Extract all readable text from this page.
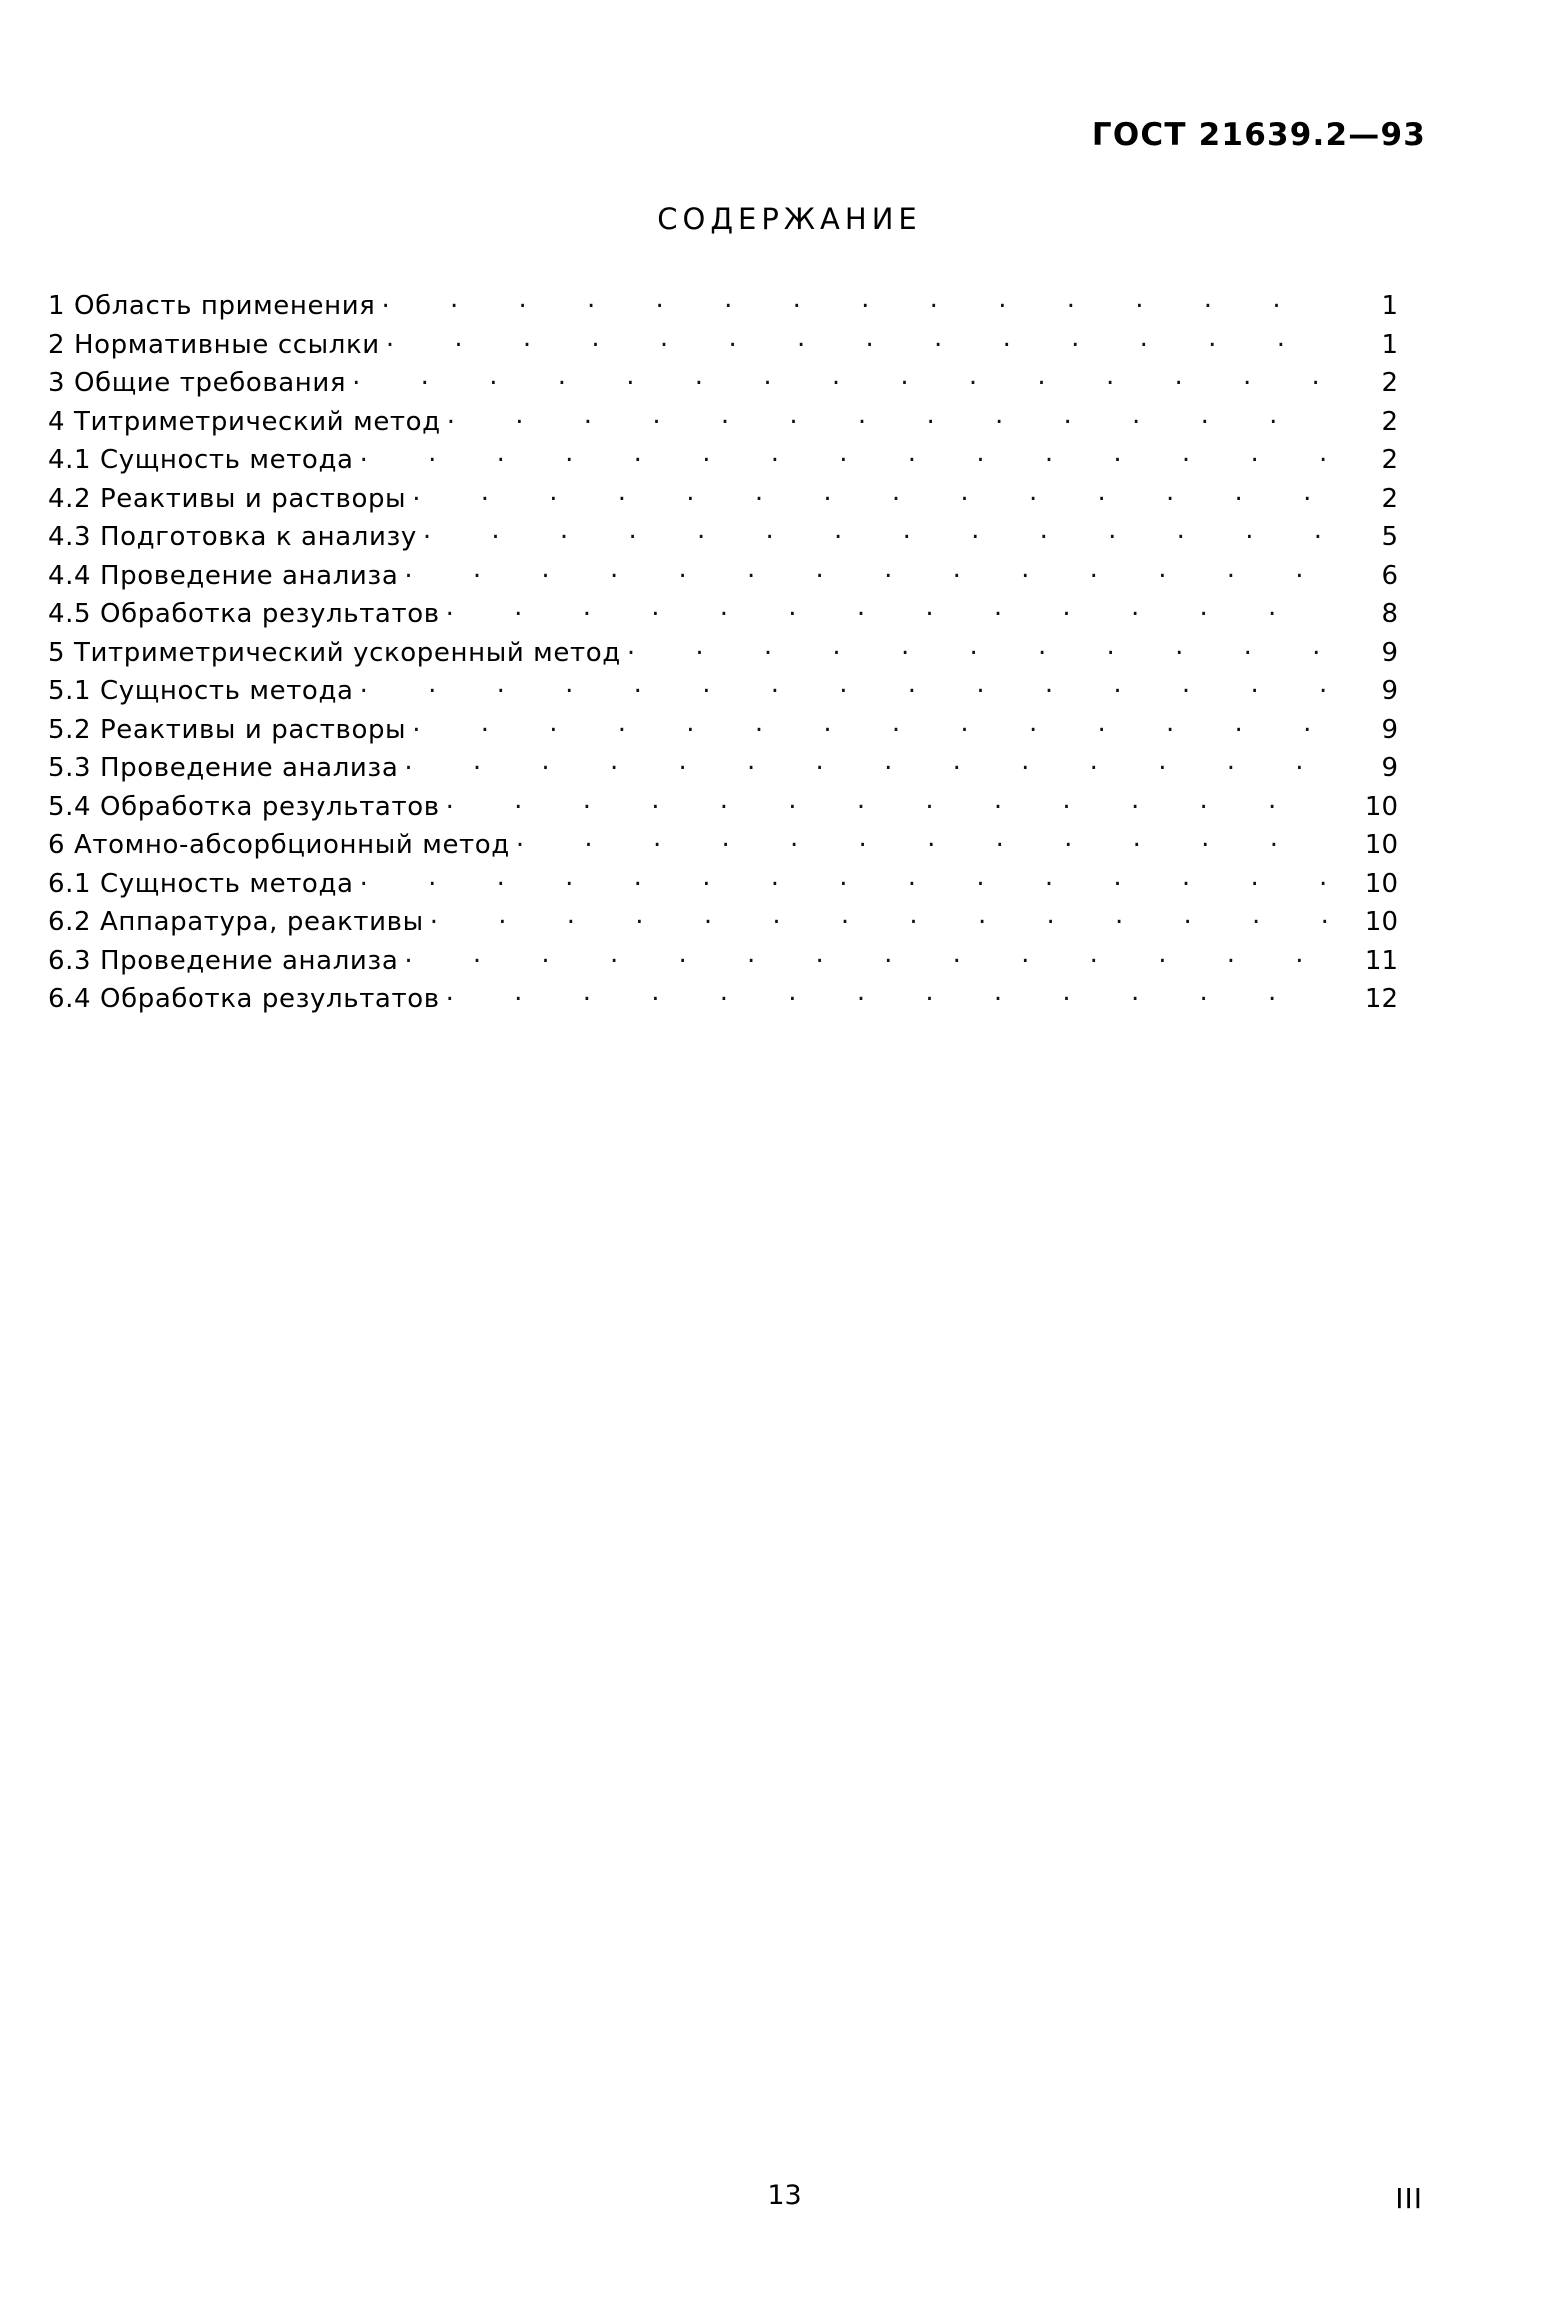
ГОСТ 21639.2—93
СОДЕРЖАНИЕ
1 Область применения . . .	1
2 Нормативные ссылки . . .	1
3 Общие требования . . .	2
4 Титриметрический метод . . .	2
4.1 Сущность метода . . .	2
4.2 Реактивы и растворы . . .	2
4.3 Подготовка к анализу . . .	5
4.4 Проведение анализа . . .	6
4.5 Обработка результатов . . .	8
5 Титриметрический ускоренный метод . . .	9
5.1 Сущность метода . . .	9
5.2 Реактивы и растворы . . .	9
5.3 Проведение анализа . . .	9
5.4 Обработка результатов . . .	10
6 Атомно-абсорбционный метод . . .	10
6.1 Сущность метода . . .	10
6.2 Аппаратура, реактивы . . .	10
6.3 Проведение анализа . . .	11
6.4 Обработка результатов . . .	12
13	III
